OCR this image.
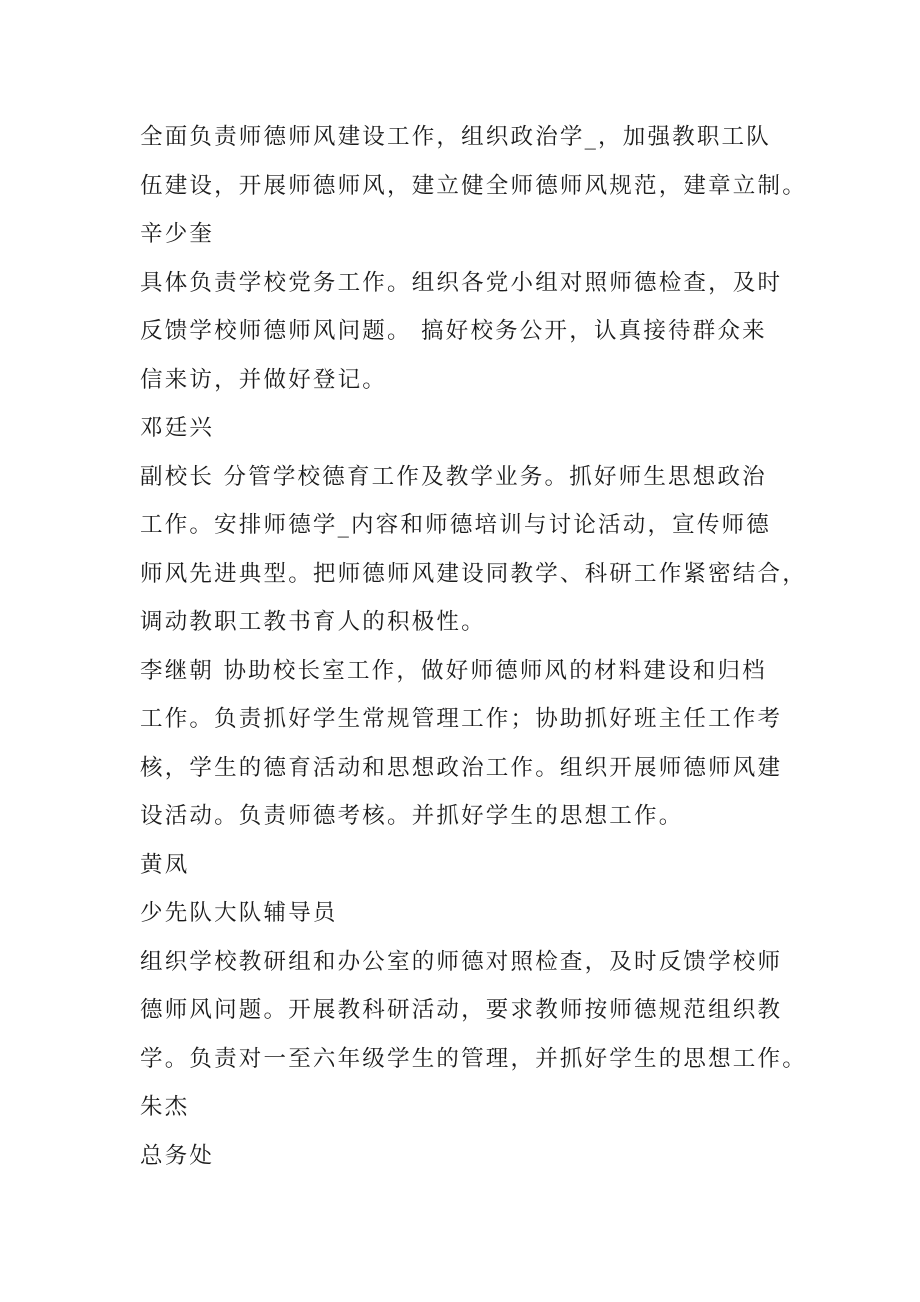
全面负责师德师风建设工作，组织政治学_，加强教职工队
伍建设，开展师德师风，建立健全师德师风规范，建章立制。
辛少奎
具体负责学校党务工作。组织各党小组对照师德检查，及时
反馈学校师德师风问题。 搞好校务公开，认真接待群众来
信来访，并做好登记。
邓廷兴
副校长 分管学校德育工作及教学业务。抓好师生思想政治
工作。安排师德学_内容和师德培训与讨论活动，宣传师德
师风先进典型。把师德师风建设同教学、科研工作紧密结合，
调动教职工教书育人的积极性。
李继朝 协助校长室工作，做好师德师风的材料建设和归档
工作。负责抓好学生常规管理工作；协助抓好班主任工作考
核，学生的德育活动和思想政治工作。组织开展师德师风建
设活动。负责师德考核。并抓好学生的思想工作。
黄凤
少先队大队辅导员
组织学校教研组和办公室的师德对照检查，及时反馈学校师
德师风问题。开展教科研活动，要求教师按师德规范组织教
学。负责对一至六年级学生的管理，并抓好学生的思想工作。
朱杰
总务处
